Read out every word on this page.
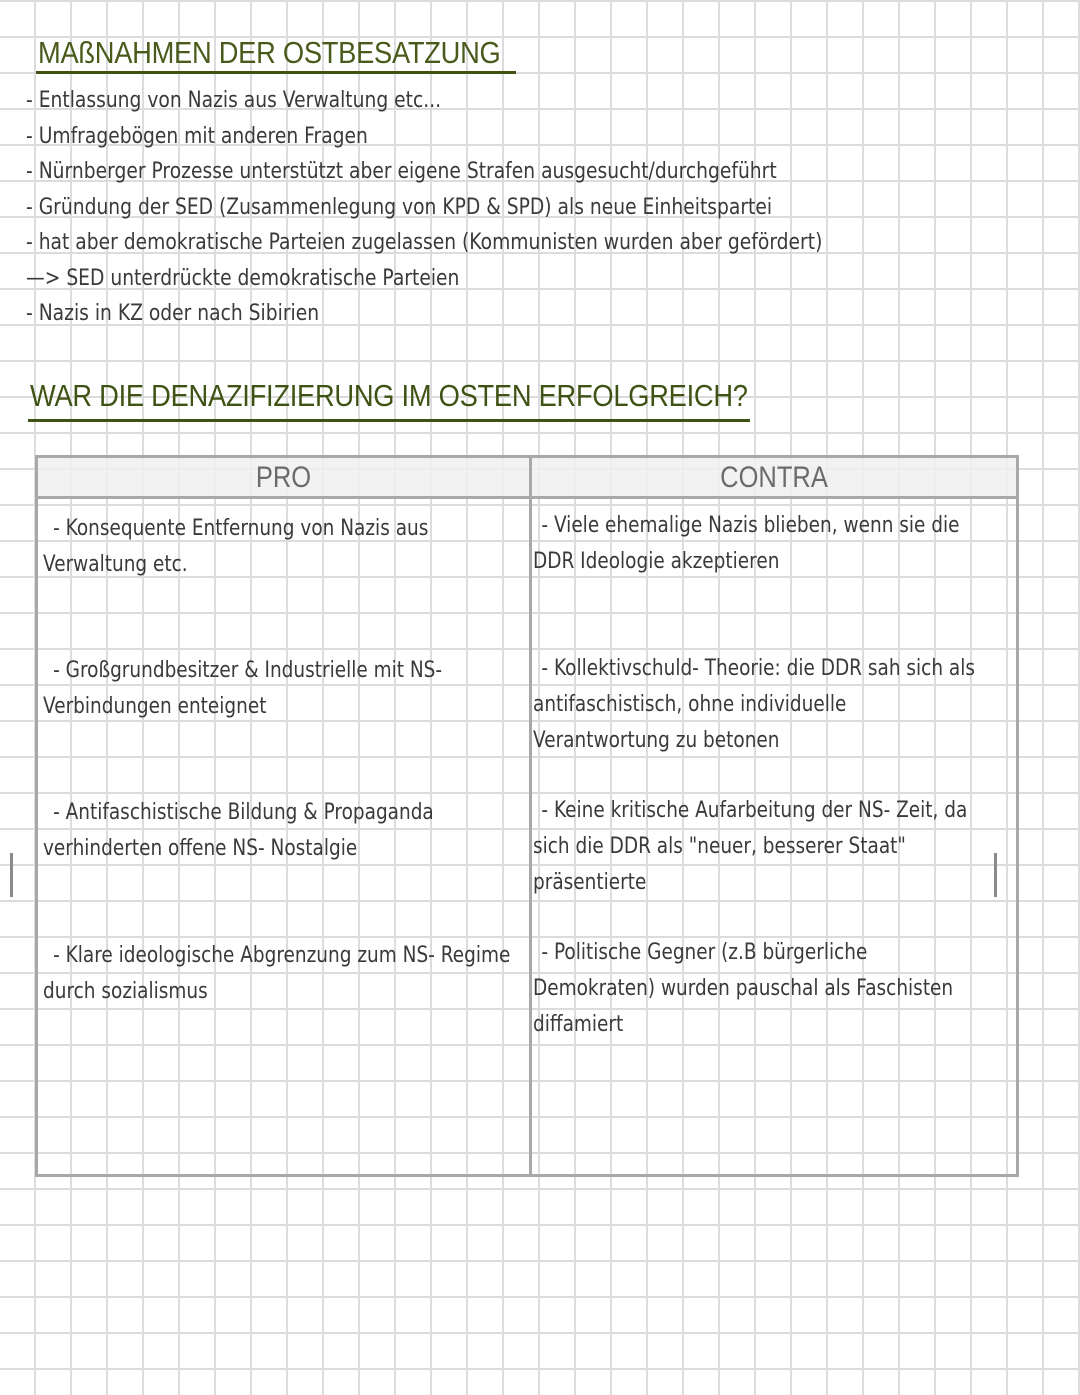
MAßNAHMEN DER OSTBESATZUNG
- Entlassung von Nazis aus Verwaltung etc...
- Umfragebögen mit anderen Fragen
- Nürnberger Prozesse unterstützt aber eigene Strafen ausgesucht/durchgeführt
- Gründung der SED (Zusammenlegung von KPD & SPD) als neue Einheitspartei
- hat aber demokratische Parteien zugelassen (Kommunisten wurden aber gefördert)
—> SED unterdrückte demokratische Parteien
- Nazis in KZ oder nach Sibirien
WAR DIE DENAZIFIZIERUNG IM OSTEN ERFOLGREICH?
PRO	CONTRA
- Konsequente Entfernung von Nazis aus
Verwaltung etc.
- Großgrundbesitzer & Industrielle mit NS-
Verbindungen enteignet
- Antifaschistische Bildung & Propaganda
verhinderten offene NS- Nostalgie
- Klare ideologische Abgrenzung zum NS- Regime
durch sozialismus
- Viele ehemalige Nazis blieben, wenn sie die
DDR Ideologie akzeptieren
- Kollektivschuld- Theorie: die DDR sah sich als
antifaschistisch, ohne individuelle
Verantwortung zu betonen
- Keine kritische Aufarbeitung der NS- Zeit, da
sich die DDR als "neuer, besserer Staat"
präsentierte
- Politische Gegner (z.B bürgerliche
Demokraten) wurden pauschal als Faschisten
diffamiert
